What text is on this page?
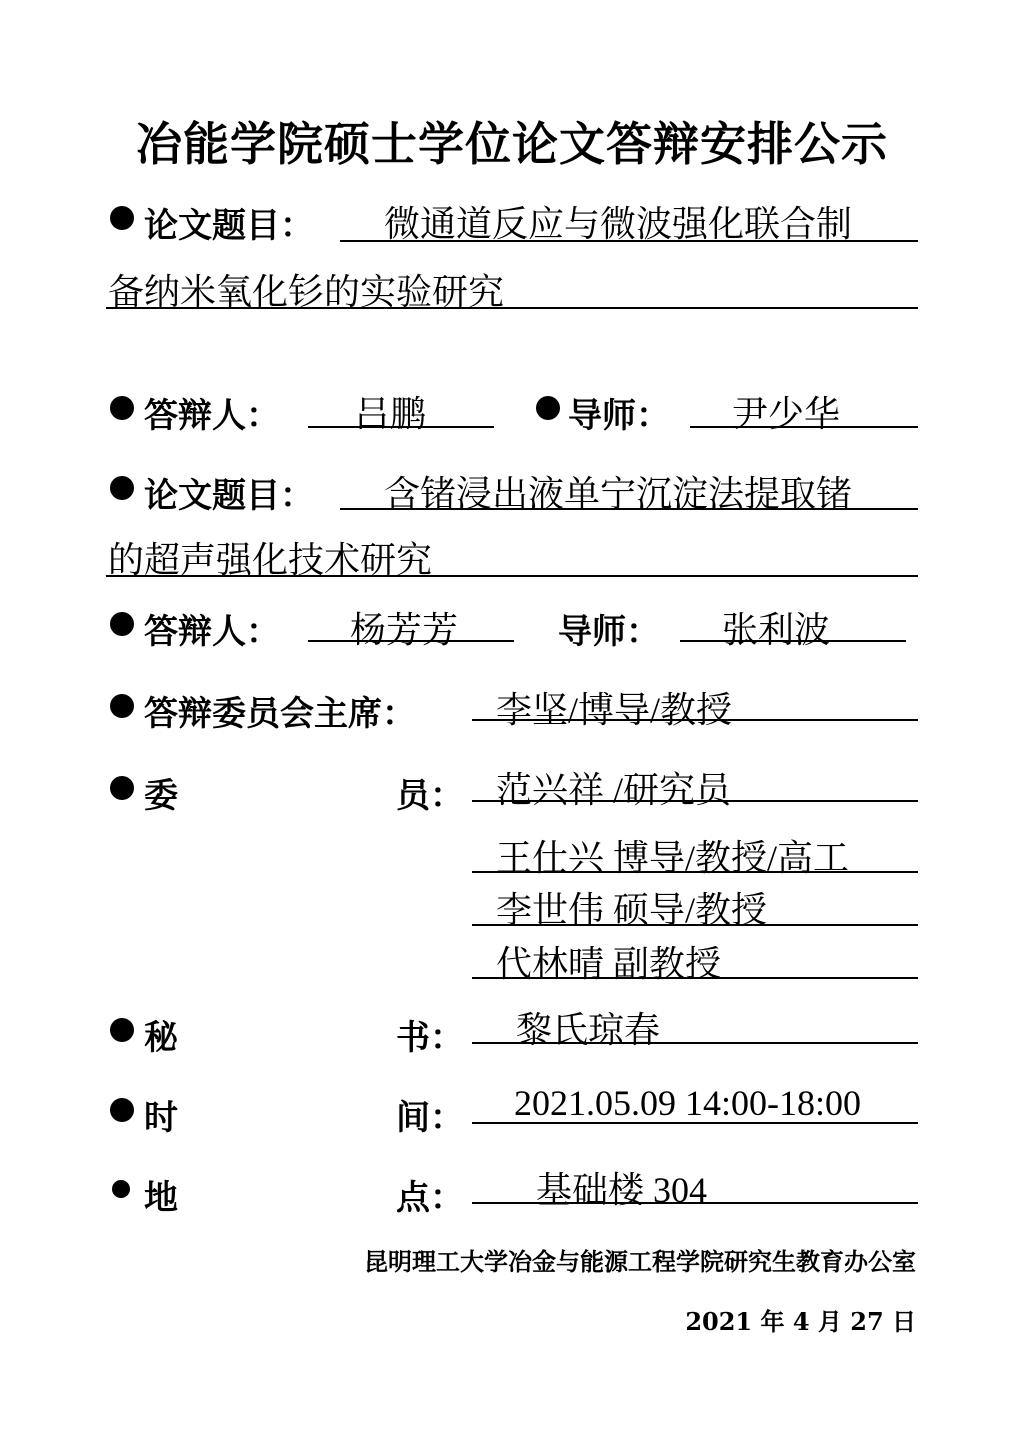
冶能学院硕士学位论文答辩安排公示
论文题目： 微通道反应与微波强化联合制
备纳米氧化钐的实验研究
答辩人： 吕鹏	导师： 尹少华
论文题目： 含锗浸出液单宁沉淀法提取锗
的超声强化技术研究
答辩人： 杨芳芳	导师： 张利波
答辩委员会主席： 李坚/博导/教授
委	员： 范兴祥 /研究员
王仕兴 博导/教授/高工
李世伟 硕导/教授
代林晴 副教授
秘	书： 黎氏琼春
时	间： 2021.05.09 14:00-18:00
地	点： 基础楼 304
昆明理工大学冶金与能源工程学院研究生教育办公室
2021 年 4 月 27 日
